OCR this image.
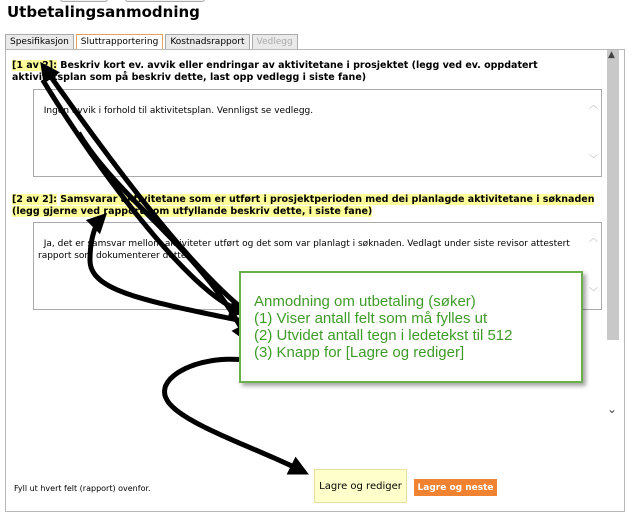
Utbetalingsanmodning
Spesifikasjon	Sluttrapportering	Kostnadsrapport	Vedlegg
▲
⌄
[1 av 2]: Beskriv kort ev. avvik eller endringar av aktivitetane i prosjektet (legg ved ev. oppdatert aktivitetsplan som på beskriv dette, last opp vedlegg i siste fane)

Ingen avvik i forhold til aktivitetsplan. Vennligst se vedlegg.
	︿

﹀

[2 av 2]: Samsvarar aktivitetane som er utført i prosjektperioden med dei planlagde aktivitetane i søknaden (legg gjerne ved rapport som utfyllande beskriv dette, i siste fane)

Ja, det er samsvar mellom aktiviteter utført og det som var planlagt i søknaden. Vedlagt under siste revisor attestert rapport som dokumenterer dette.

︿

﹀

Fyll ut hvert felt (rapport) ovenfor.	Lagre og rediger	Lagre og neste
Anmodning om utbetaling (søker)
(1) Viser antall felt som må fylles ut
(2) Utvidet antall tegn i ledetekst til 512
(3) Knapp for [Lagre og rediger]
